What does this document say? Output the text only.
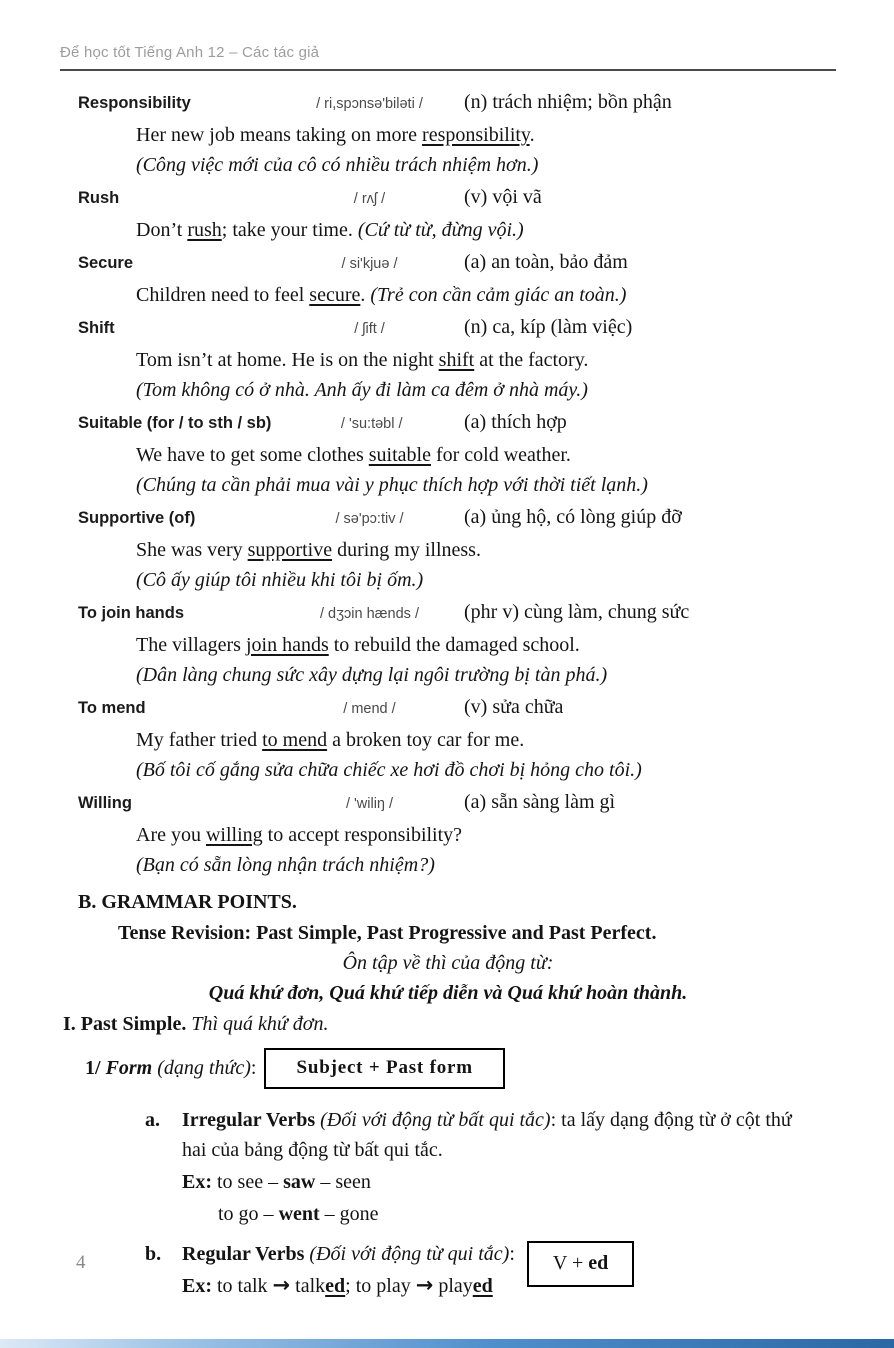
Để học tốt Tiếng Anh 12 – Các tác giả
Responsibility	/ ri,spɔnsə'biləti /	(n) trách nhiệm; bồn phận
Her new job means taking on more responsibility.
(Công việc mới của cô có nhiều trách nhiệm hơn.)
Rush	/ rʌʃ /	(v) vội vã
Don’t rush; take your time. (Cứ từ từ, đừng vội.)
Secure	/ si'kjuə /	(a) an toàn, bảo đảm
Children need to feel secure. (Trẻ con cần cảm giác an toàn.)
Shift	/ ʃift /	(n) ca, kíp (làm việc)
Tom isn’t at home. He is on the night shift at the factory.
(Tom không có ở nhà. Anh ấy đi làm ca đêm ở nhà máy.)
Suitable (for / to sth / sb)	/ 'su:təbl /	(a) thích hợp
We have to get some clothes suitable for cold weather.
(Chúng ta cần phải mua vài y phục thích hợp với thời tiết lạnh.)
Supportive (of)	/ sə'pɔ:tiv /	(a) ủng hộ, có lòng giúp đỡ
She was very supportive during my illness.
(Cô ấy giúp tôi nhiều khi tôi bị ốm.)
To join hands	/ dʒɔin hænds /	(phr v) cùng làm, chung sức
The villagers join hands to rebuild the damaged school.
(Dân làng chung sức xây dựng lại ngôi trường bị tàn phá.)
To mend	/ mend /	(v) sửa chữa
My father tried to mend a broken toy car for me.
(Bố tôi cố gắng sửa chữa chiếc xe hơi đồ chơi bị hỏng cho tôi.)
Willing	/ 'wiliŋ /	(a) sẵn sàng làm gì
Are you willing to accept responsibility?
(Bạn có sẵn lòng nhận trách nhiệm?)
B. GRAMMAR POINTS.
Tense Revision: Past Simple, Past Progressive and Past Perfect.
Ôn tập về thì của động từ:
Quá khứ đơn, Quá khứ tiếp diễn và Quá khứ hoàn thành.
I. Past Simple. Thì quá khứ đơn.
1/ Form (dạng thức):	Subject + Past form
a.	Irregular Verbs (Đối với động từ bất qui tắc): ta lấy dạng động từ ở cột thứ hai của bảng động từ bất qui tắc.
Ex: to see – saw – seen
to go – went – gone
b.	Regular Verbs (Đối với động từ qui tắc):
Ex: to talk → talked; to play → played
V + ed
4
